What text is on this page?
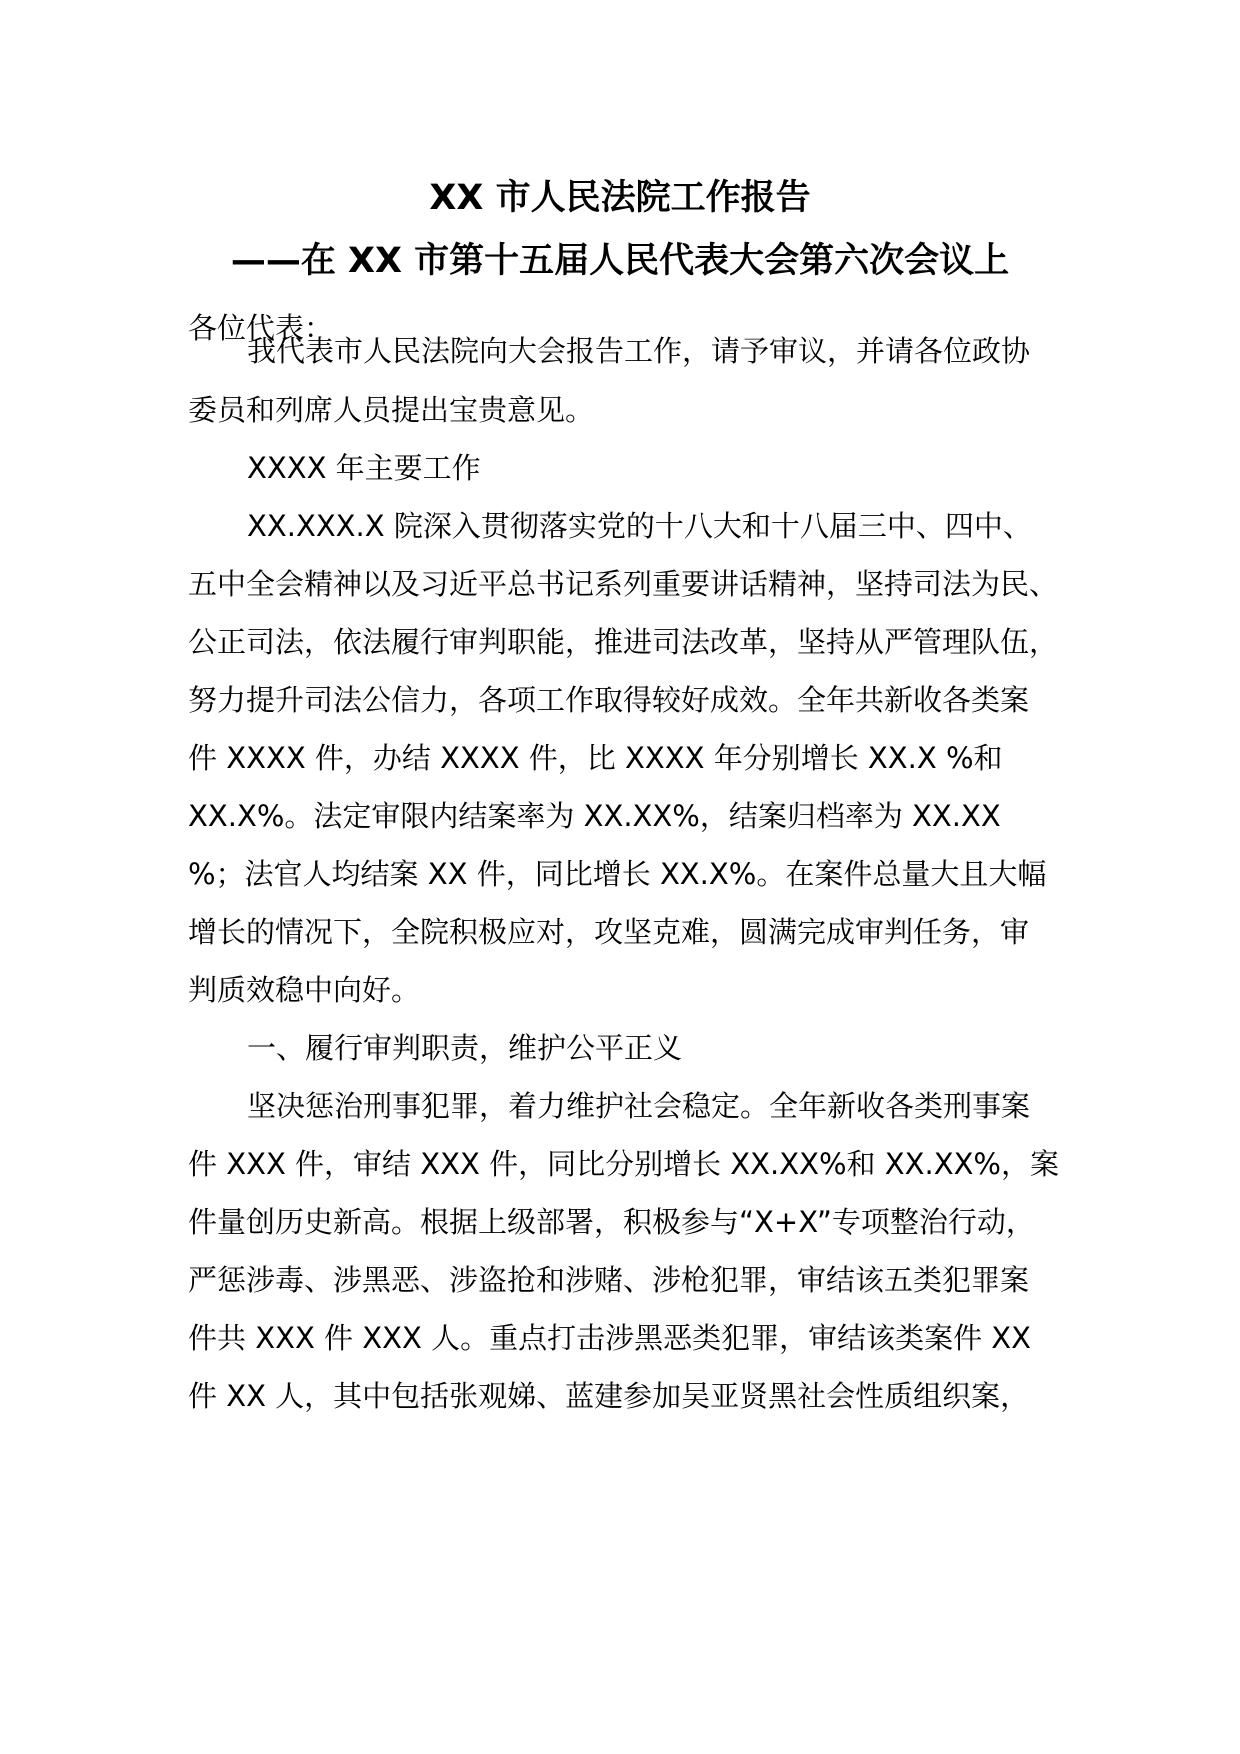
XX 市人民法院工作报告
——在 XX 市第十五届人民代表大会第六次会议上

各位代表：

我代表市人民法院向大会报告工作，请予审议，并请各位政协

委员和列席人员提出宝贵意见。

XXXX 年主要工作

XX.XXX.X 院深入贯彻落实党的十八大和十八届三中、四中、

五中全会精神以及习近平总书记系列重要讲话精神，坚持司法为民、

公正司法，依法履行审判职能，推进司法改革，坚持从严管理队伍，

努力提升司法公信力，各项工作取得较好成效。全年共新收各类案

件 XXXX 件，办结 XXXX 件，比 XXXX 年分别增长 XX.X %和

XX.X%。法定审限内结案率为 XX.XX%，结案归档率为 XX.XX

%；法官人均结案 XX 件，同比增长 XX.X%。在案件总量大且大幅

增长的情况下，全院积极应对，攻坚克难，圆满完成审判任务，审

判质效稳中向好。

一、履行审判职责，维护公平正义

坚决惩治刑事犯罪，着力维护社会稳定。全年新收各类刑事案

件 XXX 件，审结 XXX 件，同比分别增长 XX.XX%和 XX.XX%，案

件量创历史新高。根据上级部署，积极参与“X+X”专项整治行动，

严惩涉毒、涉黑恶、涉盗抢和涉赌、涉枪犯罪，审结该五类犯罪案

件共 XXX 件 XXX 人。重点打击涉黑恶类犯罪，审结该类案件 XX

件 XX 人，其中包括张观娣、蓝建参加吴亚贤黑社会性质组织案，
